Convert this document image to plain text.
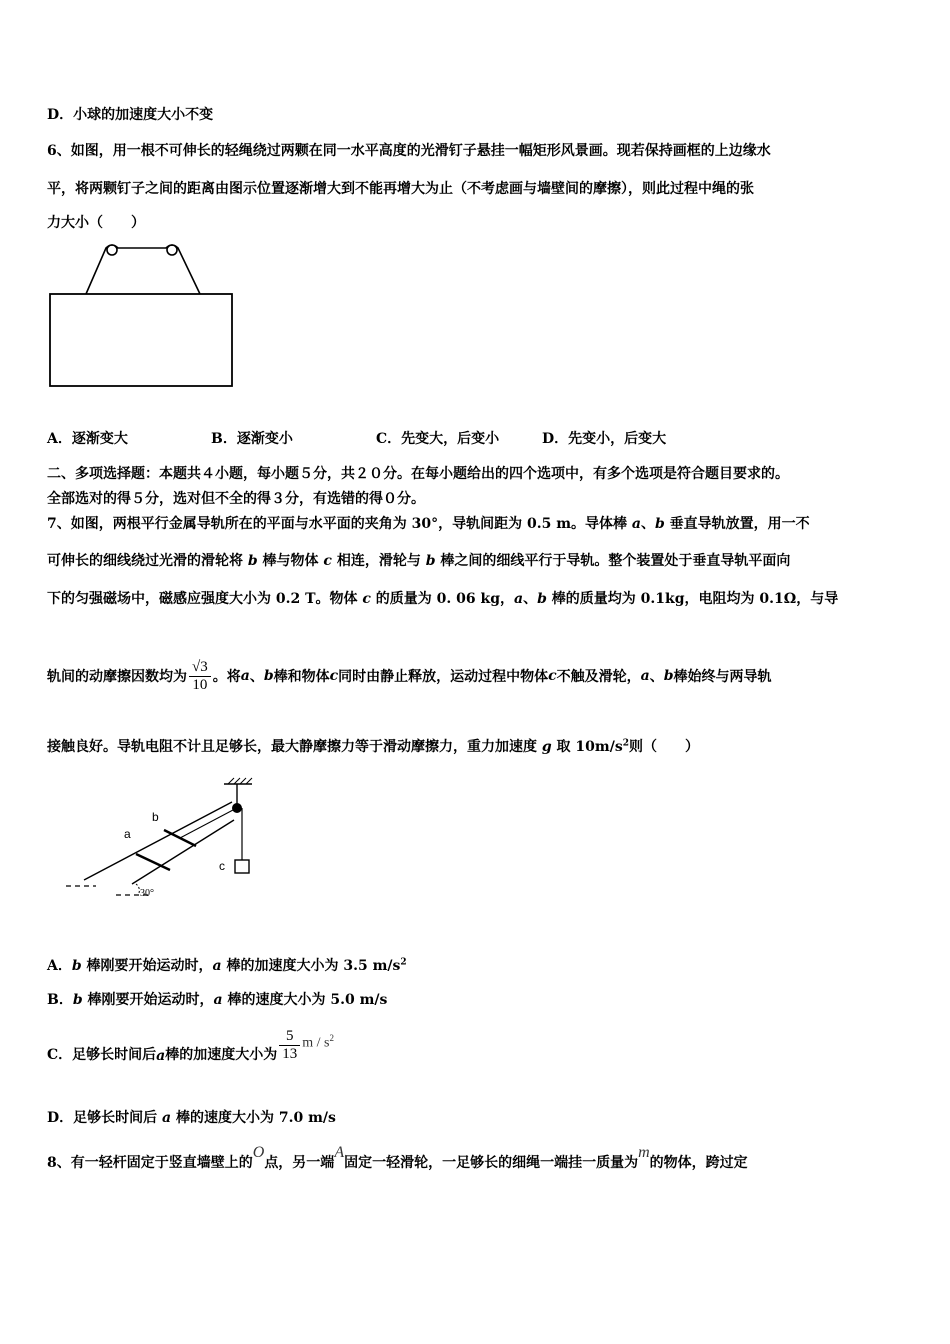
D．小球的加速度大小不变
6、如图，用一根不可伸长的轻绳绕过两颗在同一水平高度的光滑钉子悬挂一幅矩形风景画。现若保持画框的上边缘水
平，将两颗钉子之间的距离由图示位置逐渐增大到不能再增大为止（不考虑画与墙壁间的摩擦），则此过程中绳的张
力大小（　　）
A．逐渐变大	B．逐渐变小	C．先变大，后变小	D．先变小，后变大
二、多项选择题：本题共４小题，每小题５分，共２０分。在每小题给出的四个选项中，有多个选项是符合题目要求的。
全部选对的得５分，选对但不全的得３分，有选错的得０分。
7、如图，两根平行金属导轨所在的平面与水平面的夹角为 30°，导轨间距为 0.5 m。导体棒 a、b 垂直导轨放置，用一不
可伸长的细线绕过光滑的滑轮将 b 棒与物体 c 相连，滑轮与 b 棒之间的细线平行于导轨。整个装置处于垂直导轨平面向
下的匀强磁场中，磁感应强度大小为 0.2 T。物体 c 的质量为 0. 06 kg，a、b 棒的质量均为 0.1kg，电阻均为 0.1Ω，与导
轨间的动摩擦因数均为 $\frac{√3}{10}$ 。将 a 、 b 棒和物体 c 同时由静止释放，运动过程中物体 c 不触及滑轮， a 、 b 棒始终与两导轨
接触良好。导轨电阻不计且足够长，最大静摩擦力等于滑动摩擦力，重力加速度 g 取 $10m/s^2$则（　　）
b
a
c
30°
A．b 棒刚要开始运动时，a 棒的加速度大小为 3.5 $m/s^2$
B．b 棒刚要开始运动时，a 棒的速度大小为 5.0 m/s
C．足够长时间后 a 棒的加速度大小为 $\frac{5}{13}$ m / $s^2$
D．足够长时间后 a 棒的速度大小为 7.0 m/s
8、有一轻杆固定于竖直墙壁上的O点，另一端A固定一轻滑轮，一足够长的细绳一端挂一质量为m的物体，跨过定
